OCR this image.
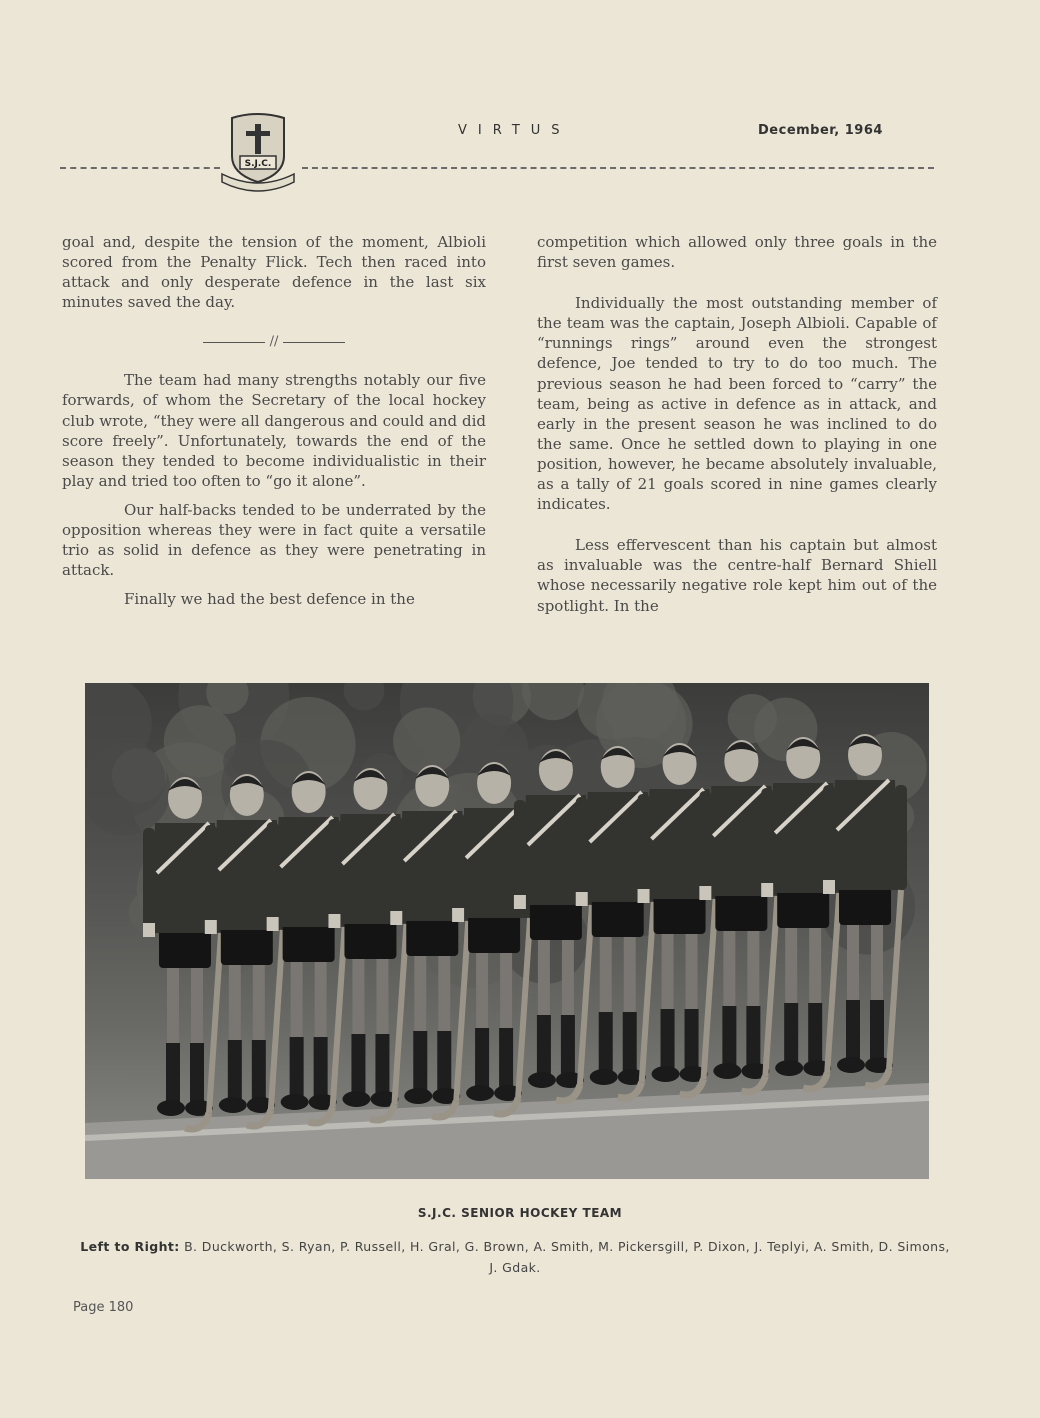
S.J.C.
VIRTUS	December, 1964

goal and, despite the tension of the moment, Albioli scored from the Penalty Flick. Tech then raced into attack and only desperate defence in the last six minutes saved the day.

//

The team had many strengths notably our five forwards, of whom the Secretary of the local hockey club wrote, “they were all dangerous and could and did score freely”. Unfortunately, towards the end of the season they tended to become individualistic in their play and tried too often to “go it alone”.

Our half-backs tended to be underrated by the opposition whereas they were in fact quite a versatile trio as solid in defence as they were penetrating in attack.

Finally we had the best defence in the

competition which allowed only three goals in the first seven games.

Individually the most outstanding member of the team was the captain, Joseph Albioli. Capable of “runnings rings” around even the strongest defence, Joe tended to try to do too much. The previous season he had been forced to “carry” the team, being as active in defence as in attack, and early in the present season he was inclined to do the same. Once he settled down to playing in one position, however, he became absolutely invaluable, as a tally of 21 goals scored in nine games clearly indicates.

Less effervescent than his captain but almost as invaluable was the centre-half Bernard Shiell whose necessarily negative role kept him out of the spotlight. In the

S.J.C. SENIOR HOCKEY TEAM
Left to Right: B. Duckworth, S. Ryan, P. Russell, H. Gral, G. Brown, A. Smith, M. Pickersgill, P. Dixon, J. Teplyi, A. Smith, D. Simons, J. Gdak.
Page 180
